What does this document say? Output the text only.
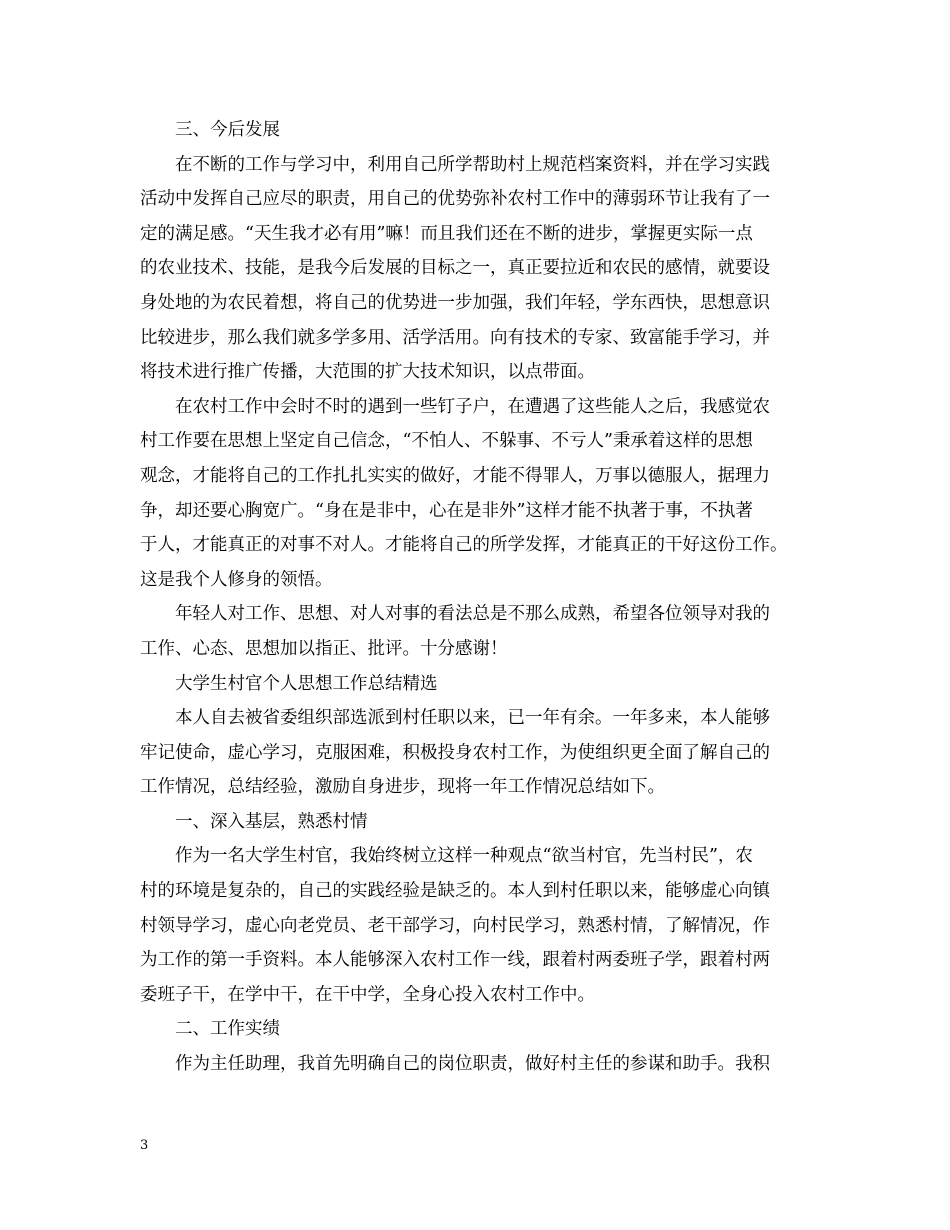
三、今后发展

在不断的工作与学习中，利用自己所学帮助村上规范档案资料，并在学习实践
活动中发挥自己应尽的职责，用自己的优势弥补农村工作中的薄弱环节让我有了一
定的满足感。“天生我才必有用”嘛！而且我们还在不断的进步，掌握更实际一点
的农业技术、技能，是我今后发展的目标之一，真正要拉近和农民的感情，就要设
身处地的为农民着想，将自己的优势进一步加强，我们年轻，学东西快，思想意识
比较进步，那么我们就多学多用、活学活用。向有技术的专家、致富能手学习，并
将技术进行推广传播，大范围的扩大技术知识，以点带面。

在农村工作中会时不时的遇到一些钉子户，在遭遇了这些能人之后，我感觉农
村工作要在思想上坚定自己信念，“不怕人、不躲事、不亏人”秉承着这样的思想
观念，才能将自己的工作扎扎实实的做好，才能不得罪人，万事以德服人，据理力
争，却还要心胸宽广。“身在是非中，心在是非外”这样才能不执著于事，不执著
于人，才能真正的对事不对人。才能将自己的所学发挥，才能真正的干好这份工作。
这是我个人修身的领悟。

年轻人对工作、思想、对人对事的看法总是不那么成熟，希望各位领导对我的
工作、心态、思想加以指正、批评。十分感谢！

大学生村官个人思想工作总结精选

本人自去被省委组织部选派到村任职以来，已一年有余。一年多来，本人能够
牢记使命，虚心学习，克服困难，积极投身农村工作，为使组织更全面了解自己的
工作情况，总结经验，激励自身进步，现将一年工作情况总结如下。

一、深入基层，熟悉村情

作为一名大学生村官，我始终树立这样一种观点“欲当村官，先当村民”，农
村的环境是复杂的，自己的实践经验是缺乏的。本人到村任职以来，能够虚心向镇
村领导学习，虚心向老党员、老干部学习，向村民学习，熟悉村情，了解情况，作
为工作的第一手资料。本人能够深入农村工作一线，跟着村两委班子学，跟着村两
委班子干，在学中干，在干中学，全身心投入农村工作中。

二、工作实绩

作为主任助理，我首先明确自己的岗位职责，做好村主任的参谋和助手。我积

3
